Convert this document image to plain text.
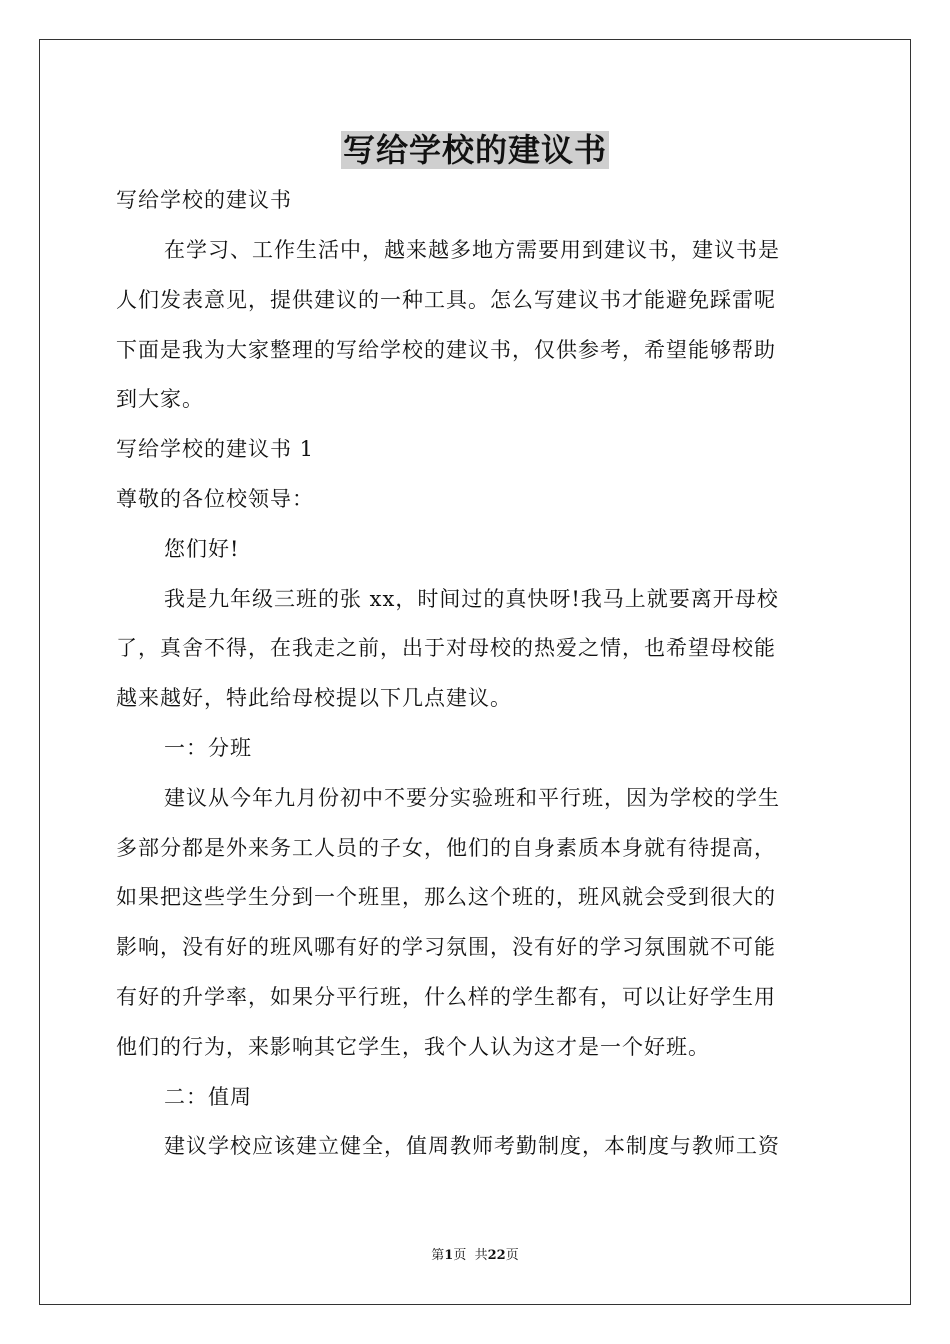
写给学校的建议书

写给学校的建议书

在学习、工作生活中，越来越多地方需要用到建议书，建议书是

人们发表意见，提供建议的一种工具。怎么写建议书才能避免踩雷呢

下面是我为大家整理的写给学校的建议书，仅供参考，希望能够帮助

到大家。

写给学校的建议书 1

尊敬的各位校领导：

您们好!

我是九年级三班的张 xx，时间过的真快呀!我马上就要离开母校

了，真舍不得，在我走之前，出于对母校的热爱之情，也希望母校能

越来越好，特此给母校提以下几点建议。

一：分班

建议从今年九月份初中不要分实验班和平行班，因为学校的学生

多部分都是外来务工人员的子女，他们的自身素质本身就有待提高，

如果把这些学生分到一个班里，那么这个班的，班风就会受到很大的

影响，没有好的班风哪有好的学习氛围，没有好的学习氛围就不可能

有好的升学率，如果分平行班，什么样的学生都有，可以让好学生用

他们的行为，来影响其它学生，我个人认为这才是一个好班。

二：值周

建议学校应该建立健全，值周教师考勤制度，本制度与教师工资

第1页  共22页
